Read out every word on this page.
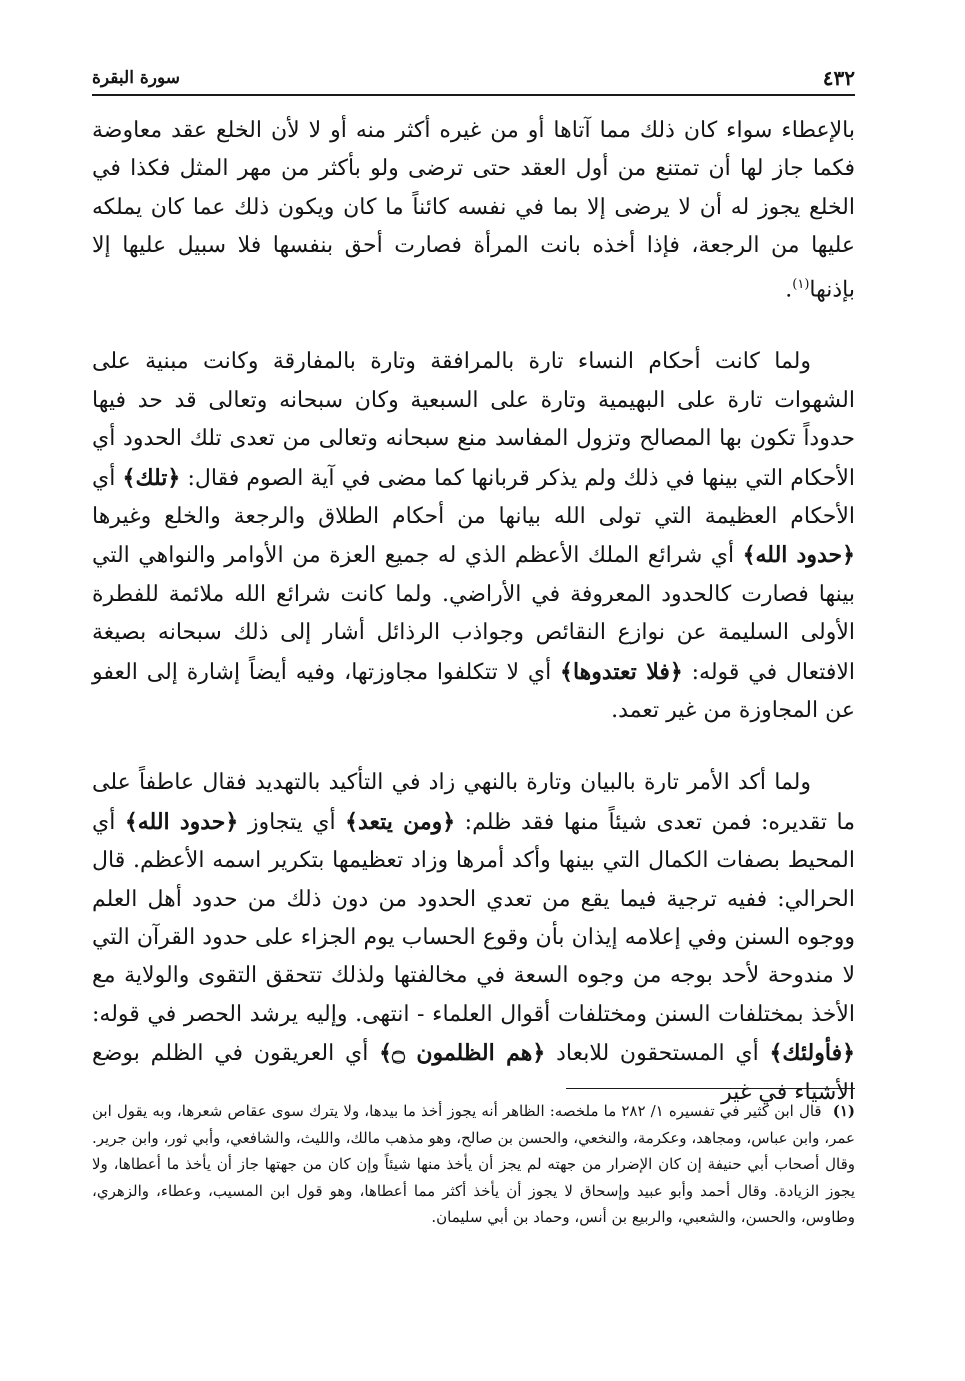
٤٣٢
سورة البقرة

بالإعطاء سواء كان ذلك مما آتاها أو من غيره أكثر منه أو لا لأن الخلع عقد معاوضة فكما جاز لها أن تمتنع من أول العقد حتى ترضى ولو بأكثر من مهر المثل فكذا في الخلع يجوز له أن لا يرضى إلا بما في نفسه كائناً ما كان ويكون ذلك عما كان يملكه عليها من الرجعة، فإذا أخذه بانت المرأة فصارت أحق بنفسها فلا سبيل عليها إلا بإذنها$^{(١)}$.

ولما كانت أحكام النساء تارة بالمرافقة وتارة بالمفارقة وكانت مبنية على الشهوات تارة على البهيمية وتارة على السبعية وكان سبحانه وتعالى قد حد فيها حدوداً تكون بها المصالح وتزول المفاسد منع سبحانه وتعالى من تعدى تلك الحدود أي الأحكام التي بينها في ذلك ولم يذكر قربانها كما مضى في آية الصوم فقال: ﴿تلك﴾ أي الأحكام العظيمة التي تولى الله بيانها من أحكام الطلاق والرجعة والخلع وغيرها ﴿حدود الله﴾ أي شرائع الملك الأعظم الذي له جميع العزة من الأوامر والنواهي التي بينها فصارت كالحدود المعروفة في الأراضي. ولما كانت شرائع الله ملائمة للفطرة الأولى السليمة عن نوازع النقائص وجواذب الرذائل أشار إلى ذلك سبحانه بصيغة الافتعال في قوله: ﴿فلا تعتدوها﴾ أي لا تتكلفوا مجاوزتها، وفيه أيضاً إشارة إلى العفو عن المجاوزة من غير تعمد.

ولما أكد الأمر تارة بالبيان وتارة بالنهي زاد في التأكيد بالتهديد فقال عاطفاً على ما تقديره: فمن تعدى شيئاً منها فقد ظلم: ﴿ومن يتعد﴾ أي يتجاوز ﴿حدود الله﴾ أي المحيط بصفات الكمال التي بينها وأكد أمرها وزاد تعظيمها بتكرير اسمه الأعظم. قال الحرالي: ففيه ترجية فيما يقع من تعدي الحدود من دون ذلك من حدود أهل العلم ووجوه السنن وفي إعلامه إيذان بأن وقوع الحساب يوم الجزاء على حدود القرآن التي لا مندوحة لأحد بوجه من وجوه السعة في مخالفتها ولذلك تتحقق التقوى والولاية مع الأخذ بمختلفات السنن ومختلفات أقوال العلماء - انتهى. وإليه يرشد الحصر في قوله: ﴿فأولئك﴾ أي المستحقون للابعاد ﴿هم الظلمون ۝﴾ أي العريقون في الظلم بوضع الأشياء في غير

(١) قال ابن كثير في تفسيره ١/ ٢٨٢ ما ملخصه: الظاهر أنه يجوز أخذ ما بيدها، ولا يترك سوى عقاص شعرها، وبه يقول ابن عمر، وابن عباس، ومجاهد، وعكرمة، والنخعي، والحسن بن صالح، وهو مذهب مالك، والليث، والشافعي، وأبي ثور، وابن جرير. وقال أصحاب أبي حنيفة إن كان الإضرار من جهته لم يجز أن يأخذ منها شيئاً وإن كان من جهتها جاز أن يأخذ ما أعطاها، ولا يجوز الزيادة. وقال أحمد وأبو عبيد وإسحاق لا يجوز أن يأخذ أكثر مما أعطاها، وهو قول ابن المسيب، وعطاء، والزهري، وطاوس، والحسن، والشعبي، والربيع بن أنس، وحماد بن أبي سليمان.
